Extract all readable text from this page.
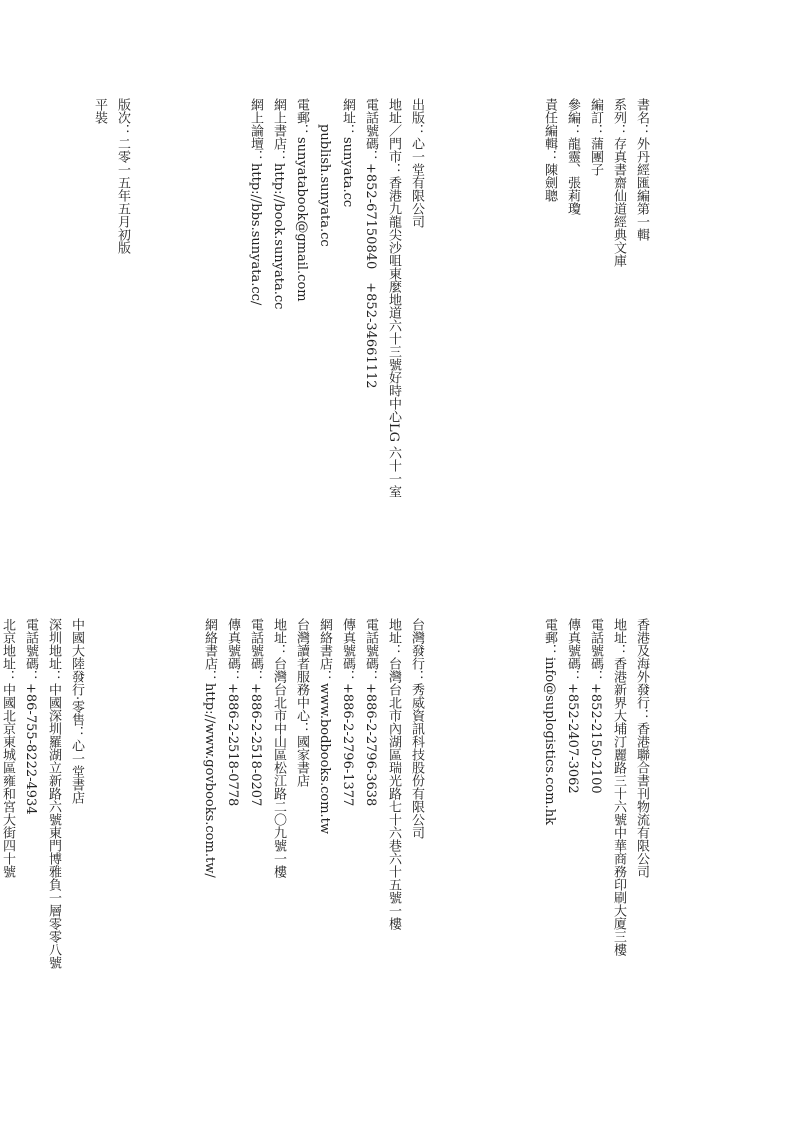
書名：外丹經匯編第一輯
系列：存真書齋仙道經典文庫
編訂：蒲團子
參編：龍靈、張莉瓊
責任編輯：陳劍聰

出版：心一堂有限公司
地址／門市：香港九龍尖沙咀東麼地道六十三號好時中心LG 六十一室
電話號碼：+852-67150840　+852-34661112
網址：sunyata.cc
　　publish.sunyata.cc
電郵：sunyatabook@gmail.com
網上書店：http://book.sunyata.cc
網上論壇：http://bbs.sunyata.cc/

版次：二零一五年五月初版
平裝

香港及海外發行：香港聯合書刊物流有限公司
地址：香港新界大埔汀麗路三十六號中華商務印刷大廈三樓
電話號碼：+852-2150-2100
傳真號碼：+852-2407-3062
電郵：info@suplogistics.com.hk

台灣發行：秀威資訊科技股份有限公司
地址：台灣台北市內湖區瑞光路七十六巷六十五號一樓
電話號碼：+886-2-2796-3638
傳真號碼：+886-2-2796-1377
網絡書店：www.bodbooks.com.tw
台灣讀者服務中心：國家書店
地址：台灣台北市中山區松江路二〇九號一樓
電話號碼：+886-2-2518-0207
傳真號碼：+886-2-2518-0778
網絡書店：http://www.govbooks.com.tw/

中國大陸發行‧零售：心一堂書店
深圳地址：中國深圳羅湖立新路六號東門博雅負一層零零八號
電話號碼：+86-755-8222-4934
北京地址：中國北京東城區雍和宮大街四十號
